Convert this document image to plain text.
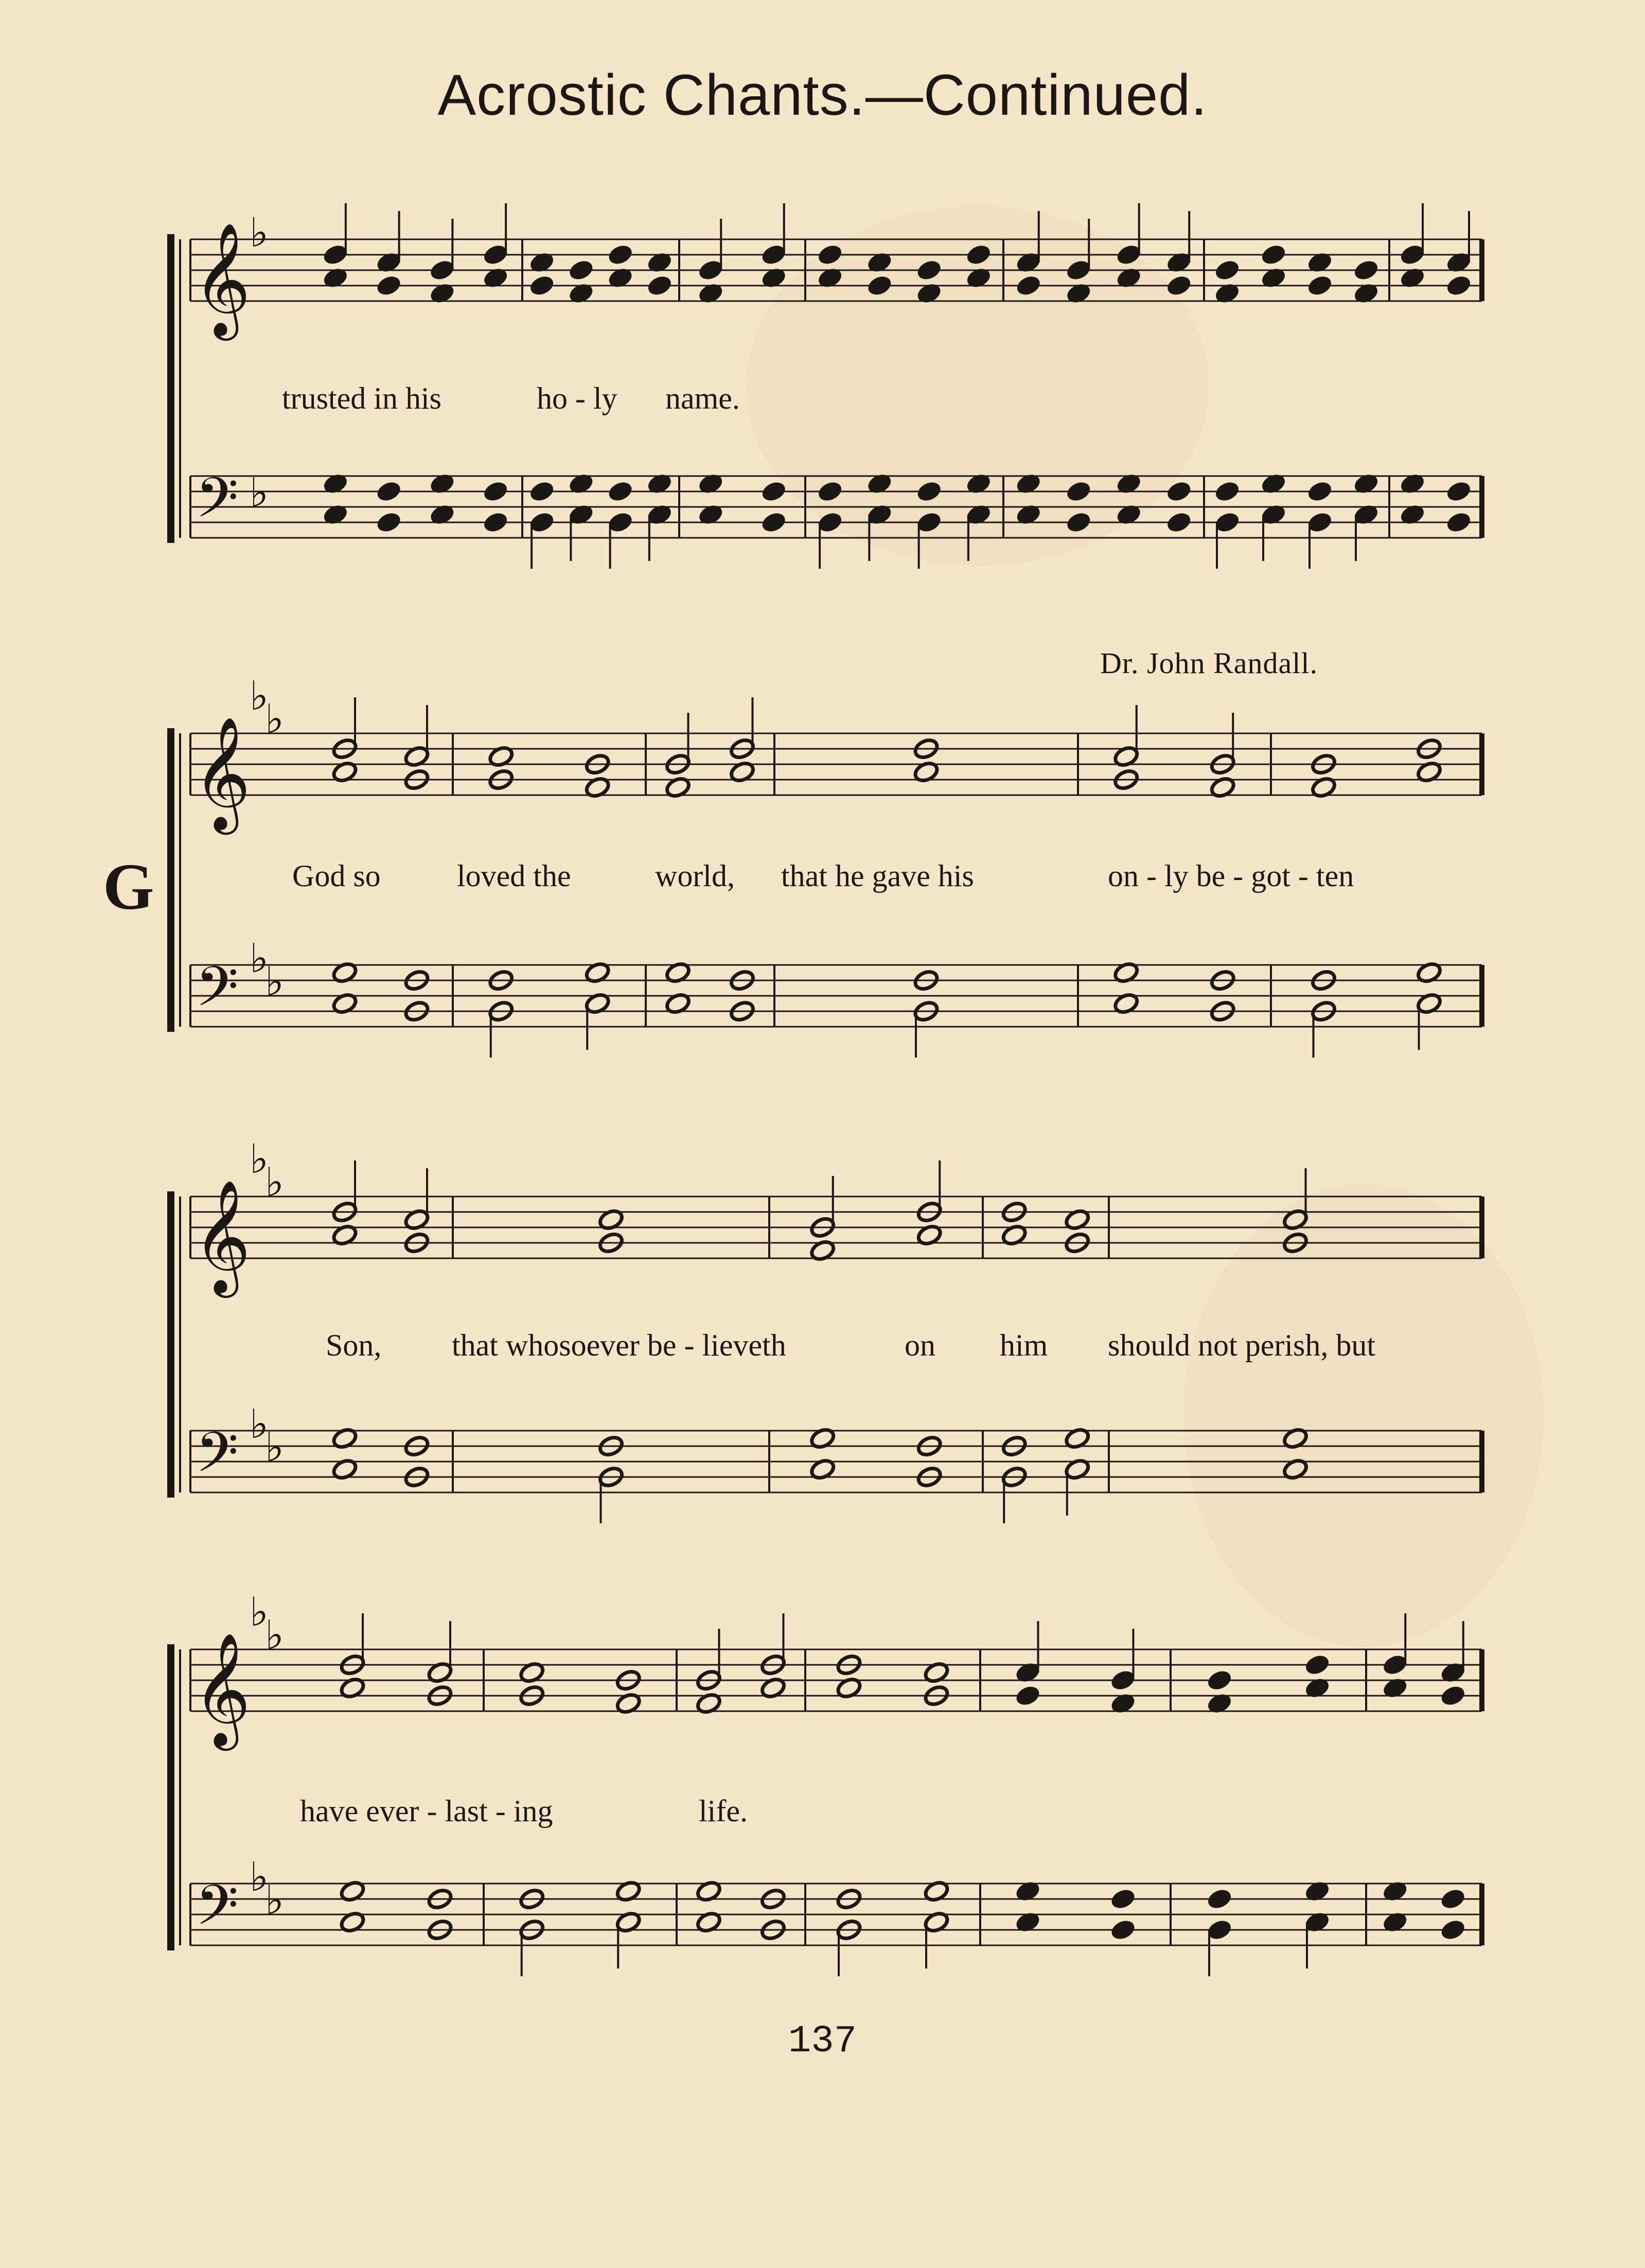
Acrostic Chants.—Continued.
𝄞
𝄢
♭
♭
𝄞
𝄢
♭
♭
♭
♭
𝄞
𝄢
♭
♭
♭
♭
𝄞
𝄢
♭
♭
♭
♭
trusted in his	ho - ly name.
Dr. John Randall.
G	God so loved the	world, that he gave his	on - ly be - got - ten
Son, that whosoever be - lieveth	on him should not perish, but
have ever - last - ing	life.
137
